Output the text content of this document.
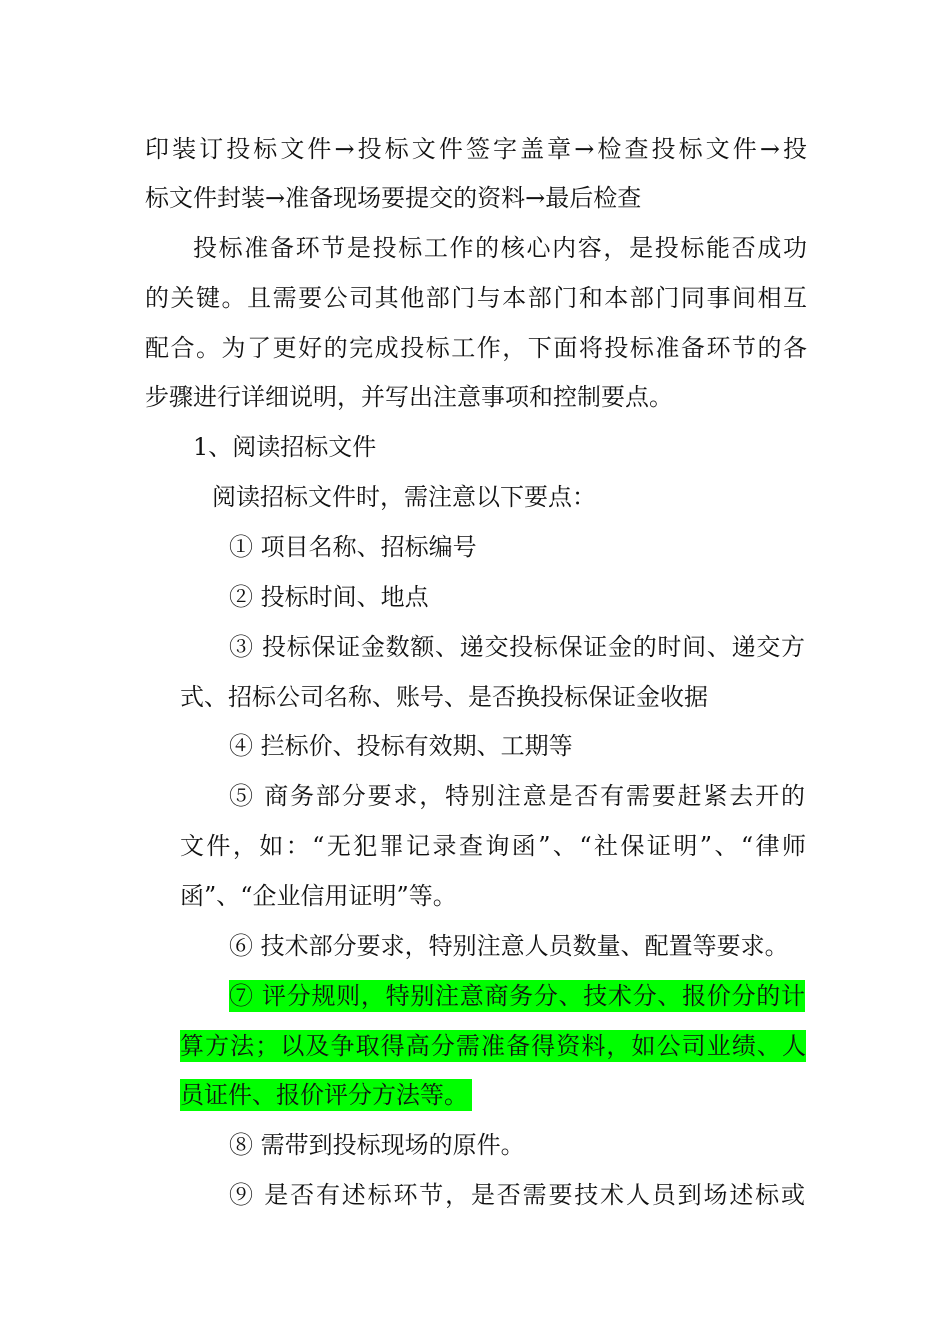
印装订投标文件→投标文件签字盖章→检查投标文件→投
标文件封装→准备现场要提交的资料→最后检查
投标准备环节是投标工作的核心内容，是投标能否成功
的关键。且需要公司其他部门与本部门和本部门同事间相互
配合。为了更好的完成投标工作，下面将投标准备环节的各
步骤进行详细说明，并写出注意事项和控制要点。
1、阅读招标文件
阅读招标文件时，需注意以下要点：
① 项目名称、招标编号
② 投标时间、地点
③ 投标保证金数额、递交投标保证金的时间、递交方
式、招标公司名称、账号、是否换投标保证金收据
④ 拦标价、投标有效期、工期等
⑤ 商务部分要求，特别注意是否有需要赶紧去开的
文件，如：“无犯罪记录查询函”、“社保证明”、“律师
函”、“企业信用证明”等。
⑥ 技术部分要求，特别注意人员数量、配置等要求。
⑦ 评分规则，特别注意商务分、技术分、报价分的计
算方法；以及争取得高分需准备得资料，如公司业绩、人
员证件、报价评分方法等。
⑧ 需带到投标现场的原件。
⑨ 是否有述标环节，是否需要技术人员到场述标或
